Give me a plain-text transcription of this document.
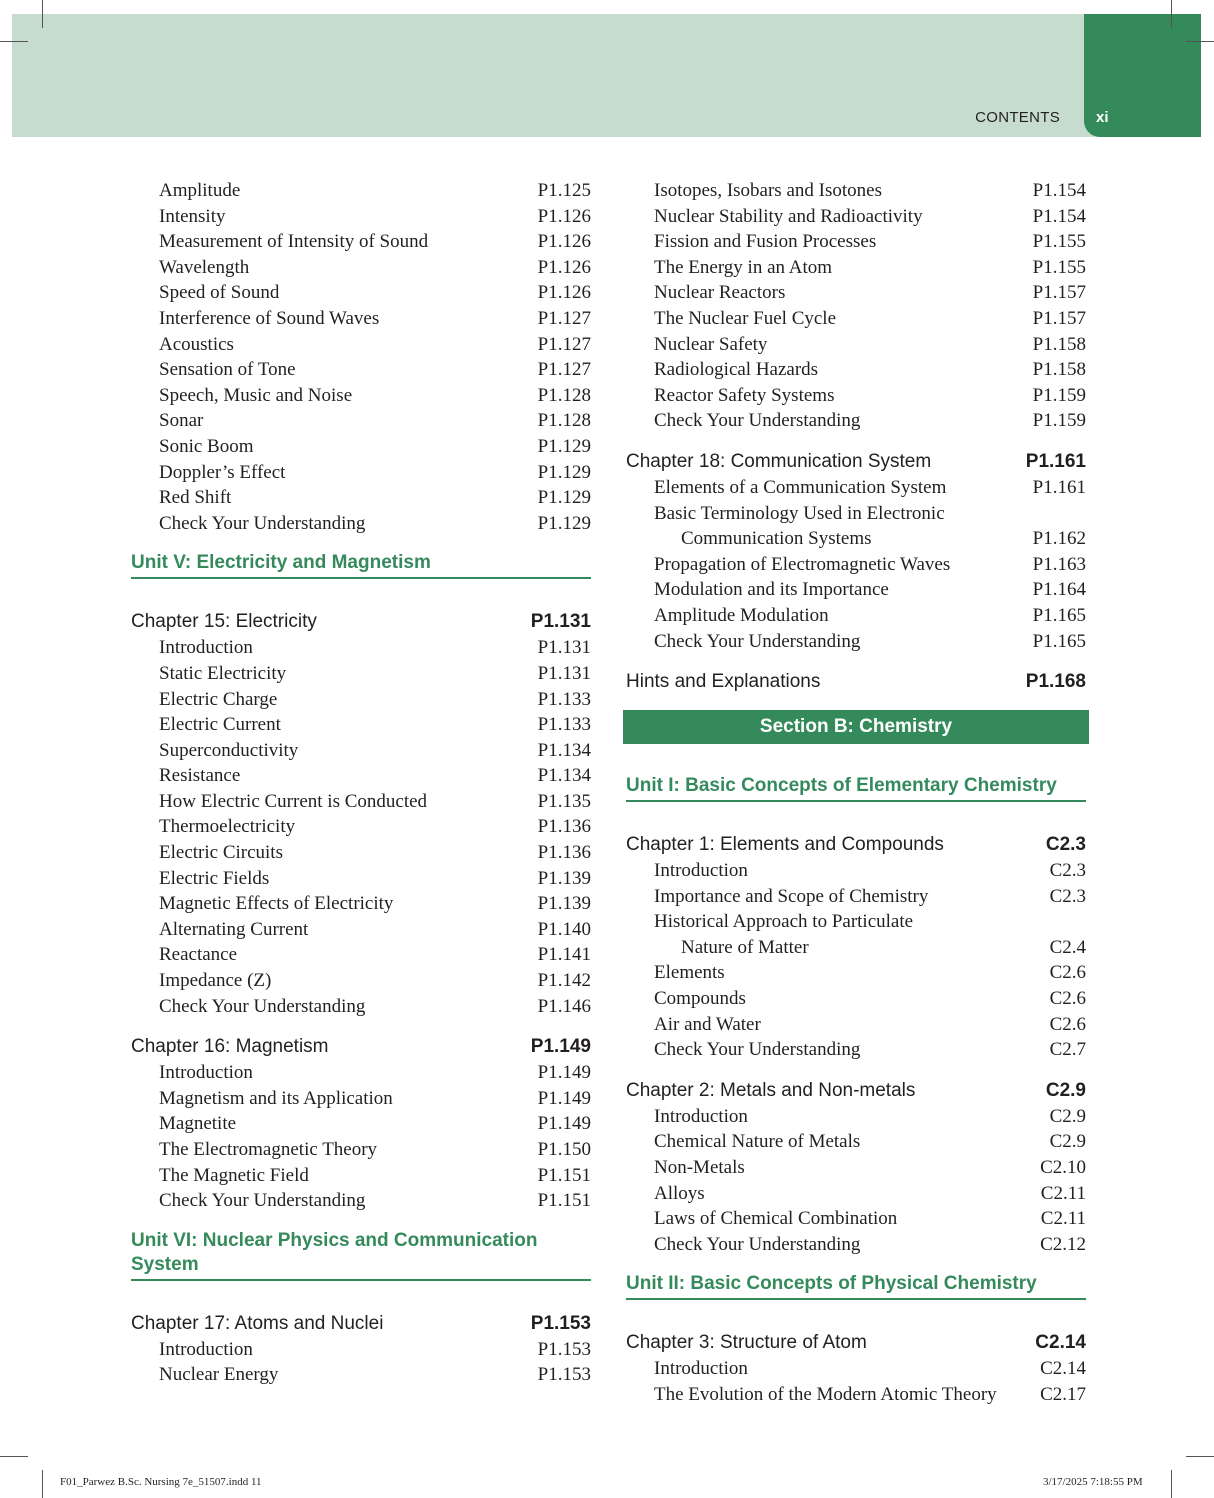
CONTENTS xi
Amplitude	P1.125
Intensity	P1.126
Measurement of Intensity of Sound	P1.126
Wavelength	P1.126
Speed of Sound	P1.126
Interference of Sound Waves	P1.127
Acoustics	P1.127
Sensation of Tone	P1.127
Speech, Music and Noise	P1.128
Sonar	P1.128
Sonic Boom	P1.129
Doppler’s Effect	P1.129
Red Shift	P1.129
Check Your Understanding	P1.129
Unit V: Electricity and Magnetism
Chapter 15: Electricity	P1.131
Introduction	P1.131
Static Electricity	P1.131
Electric Charge	P1.133
Electric Current	P1.133
Superconductivity	P1.134
Resistance	P1.134
How Electric Current is Conducted	P1.135
Thermoelectricity	P1.136
Electric Circuits	P1.136
Electric Fields	P1.139
Magnetic Effects of Electricity	P1.139
Alternating Current	P1.140
Reactance	P1.141
Impedance (Z)	P1.142
Check Your Understanding	P1.146
Chapter 16: Magnetism	P1.149
Introduction	P1.149
Magnetism and its Application	P1.149
Magnetite	P1.149
The Electromagnetic Theory	P1.150
The Magnetic Field	P1.151
Check Your Understanding	P1.151
Unit VI: Nuclear Physics and Communication System
Chapter 17: Atoms and Nuclei	P1.153
Introduction	P1.153
Nuclear Energy	P1.153
Isotopes, Isobars and Isotones	P1.154
Nuclear Stability and Radioactivity	P1.154
Fission and Fusion Processes	P1.155
The Energy in an Atom	P1.155
Nuclear Reactors	P1.157
The Nuclear Fuel Cycle	P1.157
Nuclear Safety	P1.158
Radiological Hazards	P1.158
Reactor Safety Systems	P1.159
Check Your Understanding	P1.159
Chapter 18: Communication System	P1.161
Elements of a Communication System	P1.161
Basic Terminology Used in Electronic
Communication Systems	P1.162
Propagation of Electromagnetic Waves	P1.163
Modulation and its Importance	P1.164
Amplitude Modulation	P1.165
Check Your Understanding	P1.165
Hints and Explanations	P1.168
Section B: Chemistry
Unit I: Basic Concepts of Elementary Chemistry
Chapter 1: Elements and Compounds	C2.3
Introduction	C2.3
Importance and Scope of Chemistry	C2.3
Historical Approach to Particulate
Nature of Matter	C2.4
Elements	C2.6
Compounds	C2.6
Air and Water	C2.6
Check Your Understanding	C2.7
Chapter 2: Metals and Non-metals	C2.9
Introduction	C2.9
Chemical Nature of Metals	C2.9
Non-Metals	C2.10
Alloys	C2.11
Laws of Chemical Combination	C2.11
Check Your Understanding	C2.12
Unit II: Basic Concepts of Physical Chemistry
Chapter 3: Structure of Atom	C2.14
Introduction	C2.14
The Evolution of the Modern Atomic Theory C2.17
F01_Parwez B.Sc. Nursing 7e_51507.indd 11	3/17/2025 7:18:55 PM
